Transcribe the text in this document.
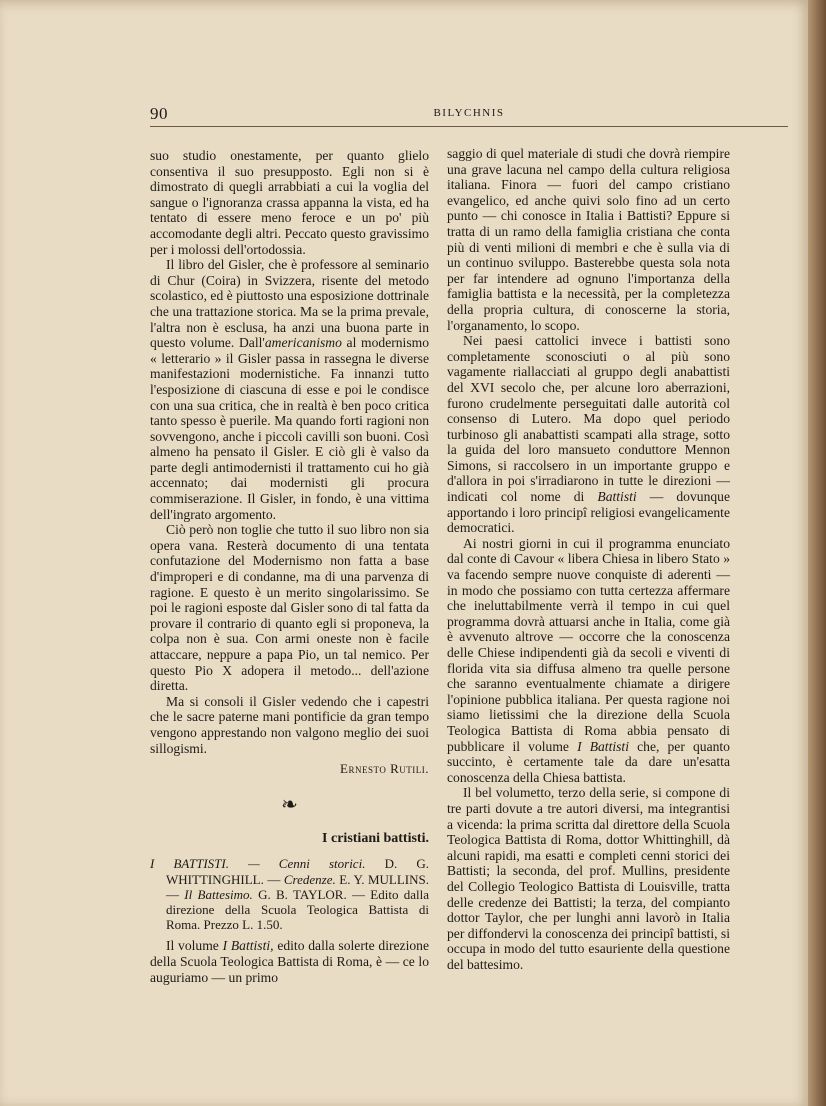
90	BILYCHNIS

suo studio onestamente, per quanto glielo consentiva il suo presupposto. Egli non si è dimostrato di quegli arrabbiati a cui la voglia del sangue o l'ignoranza crassa appanna la vista, ed ha tentato di essere meno feroce e un po' più accomodante degli altri. Peccato questo gravissimo per i molossi dell'ortodossia.

Il libro del Gisler, che è professore al seminario di Chur (Coira) in Svizzera, risente del metodo scolastico, ed è piuttosto una esposizione dottrinale che una trattazione storica. Ma se la prima prevale, l'altra non è esclusa, ha anzi una buona parte in questo volume. Dall'americanismo al modernismo « letterario » il Gisler passa in rassegna le diverse manifestazioni modernistiche. Fa innanzi tutto l'esposizione di ciascuna di esse e poi le condisce con una sua critica, che in realtà è ben poco critica tanto spesso è puerile. Ma quando forti ragioni non sovvengono, anche i piccoli cavilli son buoni. Così almeno ha pensato il Gisler. E ciò gli è valso da parte degli antimodernisti il trattamento cui ho già accennato; dai modernisti gli procura commiserazione. Il Gisler, in fondo, è una vittima dell'ingrato argomento.

Ciò però non toglie che tutto il suo libro non sia opera vana. Resterà documento di una tentata confutazione del Modernismo non fatta a base d'improperi e di condanne, ma di una parvenza di ragione. E questo è un merito singolarissimo. Se poi le ragioni esposte dal Gisler sono di tal fatta da provare il contrario di quanto egli si proponeva, la colpa non è sua. Con armi oneste non è facile attaccare, neppure a papa Pio, un tal nemico. Per questo Pio X adopera il metodo... dell'azione diretta.

Ma si consoli il Gisler vedendo che i capestri che le sacre paterne mani pontificie da gran tempo vengono apprestando non valgono meglio dei suoi sillogismi.

Ernesto Rutili.
❧
I cristiani battisti.
I BATTISTI. — Cenni storici. D. G. WHITTINGHILL. — Credenze. E. Y. MULLINS. — Il Battesimo. G. B. TAYLOR. — Edito dalla direzione della Scuola Teologica Battista di Roma. Prezzo L. 1.50.

Il volume I Battisti, edito dalla solerte direzione della Scuola Teologica Battista di Roma, è — ce lo auguriamo — un primo

saggio di quel materiale di studi che dovrà riempire una grave lacuna nel campo della cultura religiosa italiana. Finora — fuori del campo cristiano evangelico, ed anche quivi solo fino ad un certo punto — chi conosce in Italia i Battisti? Eppure si tratta di un ramo della famiglia cristiana che conta più di venti milioni di membri e che è sulla via di un continuo sviluppo. Basterebbe questa sola nota per far intendere ad ognuno l'importanza della famiglia battista e la necessità, per la completezza della propria cultura, di conoscerne la storia, l'organamento, lo scopo.

Nei paesi cattolici invece i battisti sono completamente sconosciuti o al più sono vagamente riallacciati al gruppo degli anabattisti del XVI secolo che, per alcune loro aberrazioni, furono crudelmente perseguitati dalle autorità col consenso di Lutero. Ma dopo quel periodo turbinoso gli anabattisti scampati alla strage, sotto la guida del loro mansueto conduttore Mennon Simons, si raccolsero in un importante gruppo e d'allora in poi s'irradiarono in tutte le direzioni — indicati col nome di Battisti — dovunque apportando i loro principî religiosi evangelicamente democratici.

Ai nostri giorni in cui il programma enunciato dal conte di Cavour « libera Chiesa in libero Stato » va facendo sempre nuove conquiste di aderenti — in modo che possiamo con tutta certezza affermare che ineluttabilmente verrà il tempo in cui quel programma dovrà attuarsi anche in Italia, come già è avvenuto altrove — occorre che la conoscenza delle Chiese indipendenti già da secoli e viventi di florida vita sia diffusa almeno tra quelle persone che saranno eventualmente chiamate a dirigere l'opinione pubblica italiana. Per questa ragione noi siamo lietissimi che la direzione della Scuola Teologica Battista di Roma abbia pensato di pubblicare il volume I Battisti che, per quanto succinto, è certamente tale da dare un'esatta conoscenza della Chiesa battista.

Il bel volumetto, terzo della serie, si compone di tre parti dovute a tre autori diversi, ma integrantisi a vicenda: la prima scritta dal direttore della Scuola Teologica Battista di Roma, dottor Whittinghill, dà alcuni rapidi, ma esatti e completi cenni storici dei Battisti; la seconda, del prof. Mullins, presidente del Collegio Teologico Battista di Louisville, tratta delle credenze dei Battisti; la terza, del compianto dottor Taylor, che per lunghi anni lavorò in Italia per diffondervi la conoscenza dei principî battisti, si occupa in modo del tutto esauriente della questione del battesimo.
